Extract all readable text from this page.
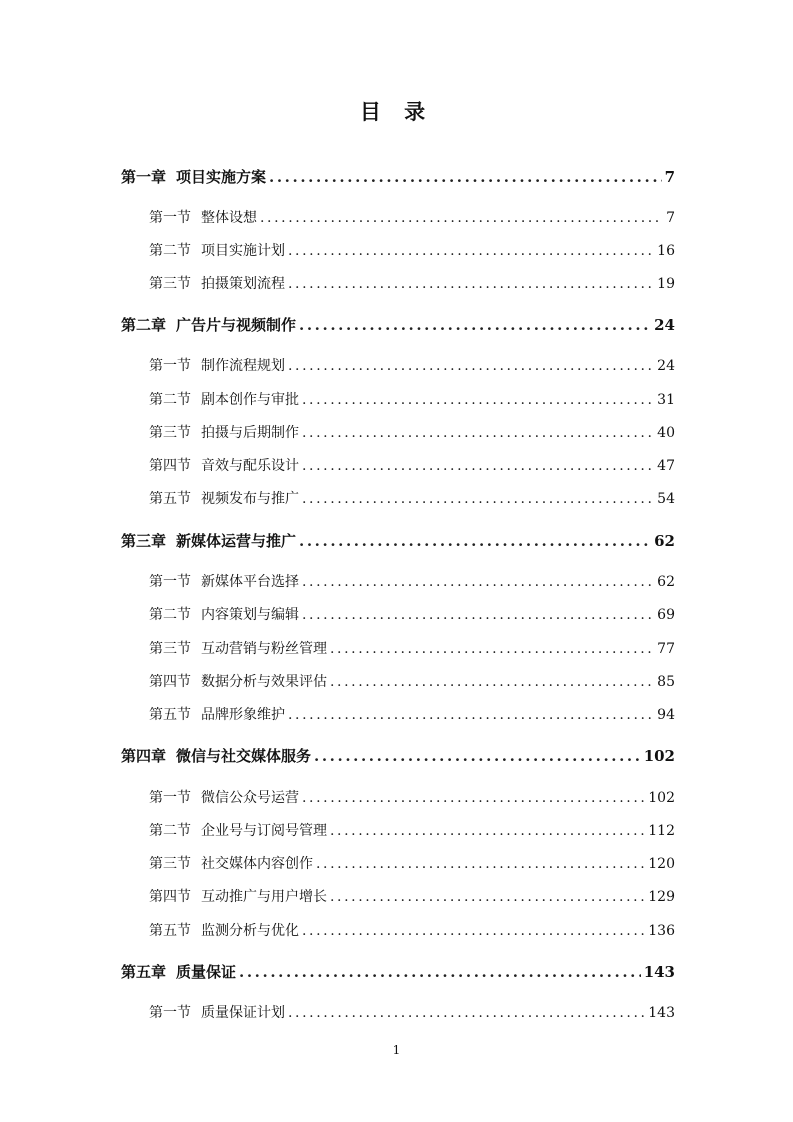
目 录
第一章 项目实施方案 .....	7
第一节 整体设想 .....	7
第二节 项目实施计划 .....	16
第三节 拍摄策划流程 .....	19
第二章 广告片与视频制作 .....	24
第一节 制作流程规划 .....	24
第二节 剧本创作与审批 .....	31
第三节 拍摄与后期制作 .....	40
第四节 音效与配乐设计 .....	47
第五节 视频发布与推广 .....	54
第三章 新媒体运营与推广 .....	62
第一节 新媒体平台选择 .....	62
第二节 内容策划与编辑 .....	69
第三节 互动营销与粉丝管理 .....	77
第四节 数据分析与效果评估 .....	85
第五节 品牌形象维护 .....	94
第四章 微信与社交媒体服务 .....	102
第一节 微信公众号运营 .....	102
第二节 企业号与订阅号管理 .....	112
第三节 社交媒体内容创作 .....	120
第四节 互动推广与用户增长 .....	129
第五节 监测分析与优化 .....	136
第五章 质量保证 .....	143
第一节 质量保证计划 .....	143
1
